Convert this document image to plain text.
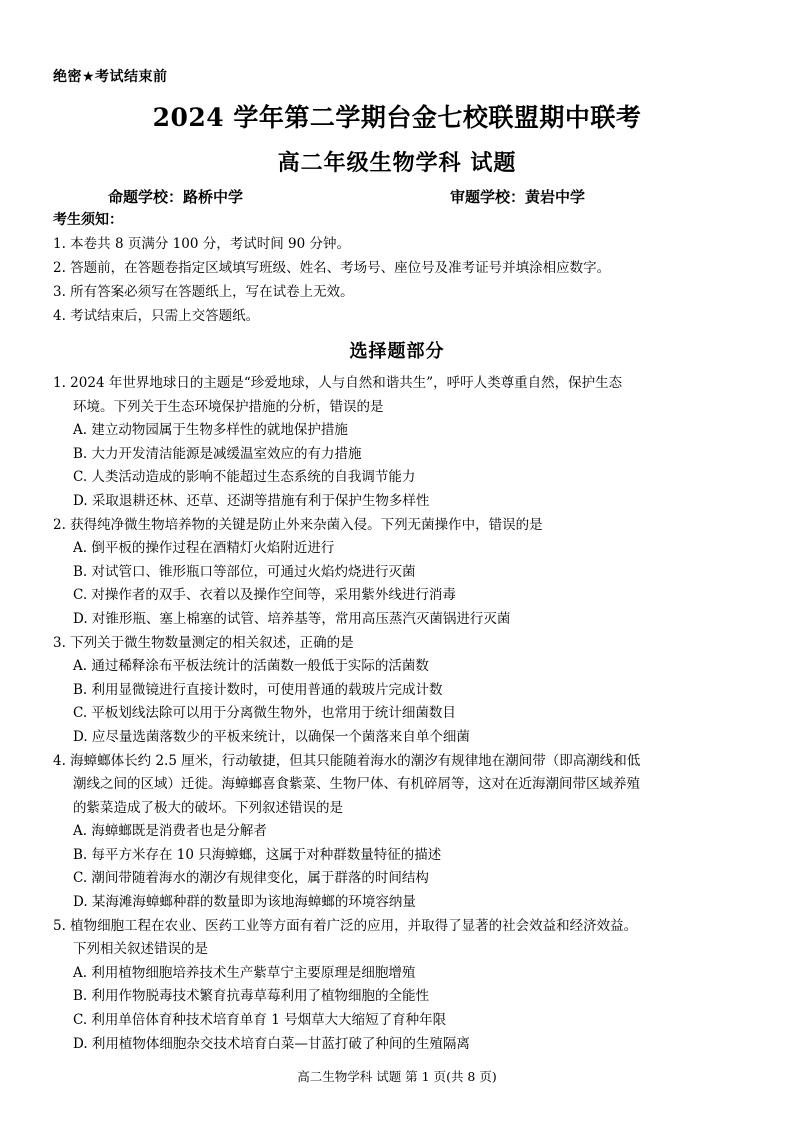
绝密★考试结束前
2024 学年第二学期台金七校联盟期中联考
高二年级生物学科 试题
命题学校：路桥中学	审题学校：黄岩中学
考生须知：
1. 本卷共 8 页满分 100 分，考试时间 90 分钟。
2. 答题前，在答题卷指定区域填写班级、姓名、考场号、座位号及准考证号并填涂相应数字。
3. 所有答案必须写在答题纸上，写在试卷上无效。
4. 考试结束后，只需上交答题纸。
选择题部分
1. 2024 年世界地球日的主题是“珍爱地球，人与自然和谐共生”，呼吁人类尊重自然，保护生态
环境。下列关于生态环境保护措施的分析，错误的是
A. 建立动物园属于生物多样性的就地保护措施
B. 大力开发清洁能源是减缓温室效应的有力措施
C. 人类活动造成的影响不能超过生态系统的自我调节能力
D. 采取退耕还林、还草、还湖等措施有利于保护生物多样性
2. 获得纯净微生物培养物的关键是防止外来杂菌入侵。下列无菌操作中，错误的是
A. 倒平板的操作过程在酒精灯火焰附近进行
B. 对试管口、锥形瓶口等部位，可通过火焰灼烧进行灭菌
C. 对操作者的双手、衣着以及操作空间等，采用紫外线进行消毒
D. 对锥形瓶、塞上棉塞的试管、培养基等，常用高压蒸汽灭菌锅进行灭菌
3. 下列关于微生物数量测定的相关叙述，正确的是
A. 通过稀释涂布平板法统计的活菌数一般低于实际的活菌数
B. 利用显微镜进行直接计数时，可使用普通的载玻片完成计数
C. 平板划线法除可以用于分离微生物外，也常用于统计细菌数目
D. 应尽量选菌落数少的平板来统计，以确保一个菌落来自单个细菌
4. 海蟑螂体长约 2.5 厘米，行动敏捷，但其只能随着海水的潮汐有规律地在潮间带（即高潮线和低
潮线之间的区域）迁徙。海蟑螂喜食紫菜、生物尸体、有机碎屑等，这对在近海潮间带区域养殖
的紫菜造成了极大的破坏。下列叙述错误的是
A. 海蟑螂既是消费者也是分解者
B. 每平方米存在 10 只海蟑螂，这属于对种群数量特征的描述
C. 潮间带随着海水的潮汐有规律变化，属于群落的时间结构
D. 某海滩海蟑螂种群的数量即为该地海蟑螂的环境容纳量
5. 植物细胞工程在农业、医药工业等方面有着广泛的应用，并取得了显著的社会效益和经济效益。
下列相关叙述错误的是
A. 利用植物细胞培养技术生产紫草宁主要原理是细胞增殖
B. 利用作物脱毒技术繁育抗毒草莓利用了植物细胞的全能性
C. 利用单倍体育种技术培育单育 1 号烟草大大缩短了育种年限
D. 利用植物体细胞杂交技术培育白菜—甘蓝打破了种间的生殖隔离
高二生物学科 试题 第 1 页(共 8 页)
